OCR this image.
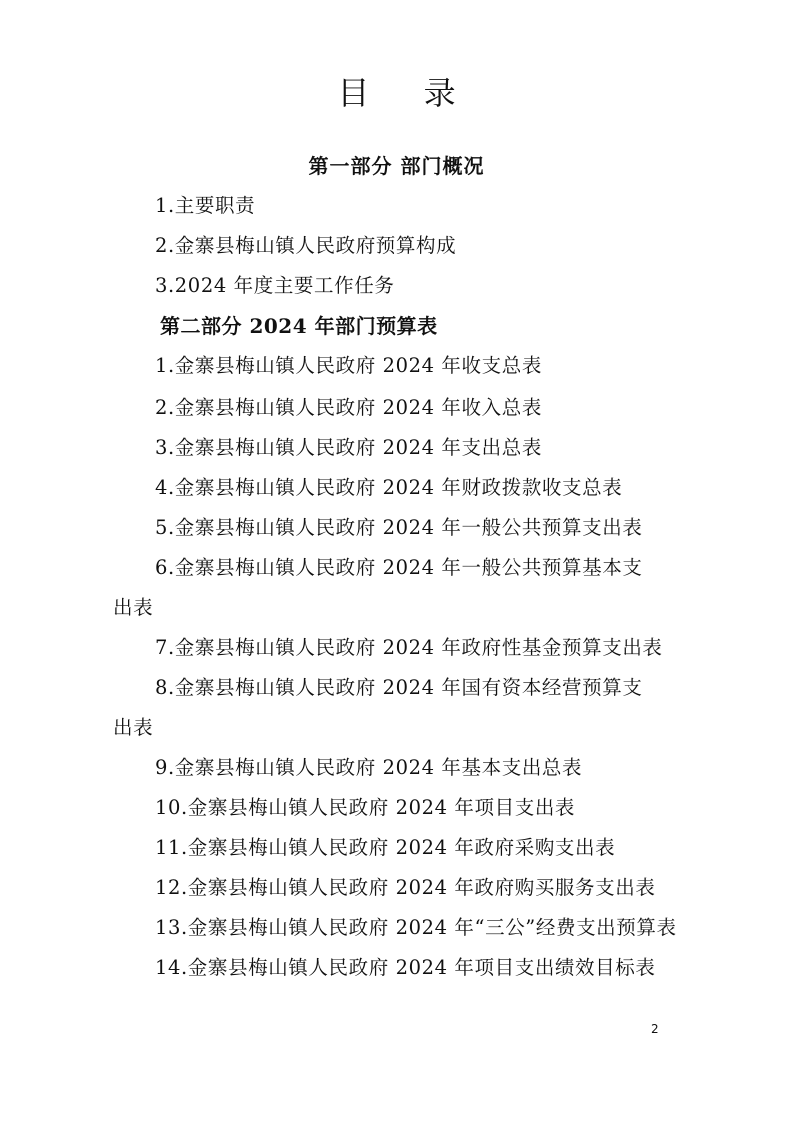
目 录
第一部分 部门概况
1.主要职责
2.金寨县梅山镇人民政府预算构成
3.2024 年度主要工作任务
第二部分 2024 年部门预算表
1.金寨县梅山镇人民政府 2024 年收支总表
2.金寨县梅山镇人民政府 2024 年收入总表
3.金寨县梅山镇人民政府 2024 年支出总表
4.金寨县梅山镇人民政府 2024 年财政拨款收支总表
5.金寨县梅山镇人民政府 2024 年一般公共预算支出表
6.金寨县梅山镇人民政府 2024 年一般公共预算基本支
出表
7.金寨县梅山镇人民政府 2024 年政府性基金预算支出表
8.金寨县梅山镇人民政府 2024 年国有资本经营预算支
出表
9.金寨县梅山镇人民政府 2024 年基本支出总表
10.金寨县梅山镇人民政府 2024 年项目支出表
11.金寨县梅山镇人民政府 2024 年政府采购支出表
12.金寨县梅山镇人民政府 2024 年政府购买服务支出表
13.金寨县梅山镇人民政府 2024 年“三公”经费支出预算表
14.金寨县梅山镇人民政府 2024 年项目支出绩效目标表
2
